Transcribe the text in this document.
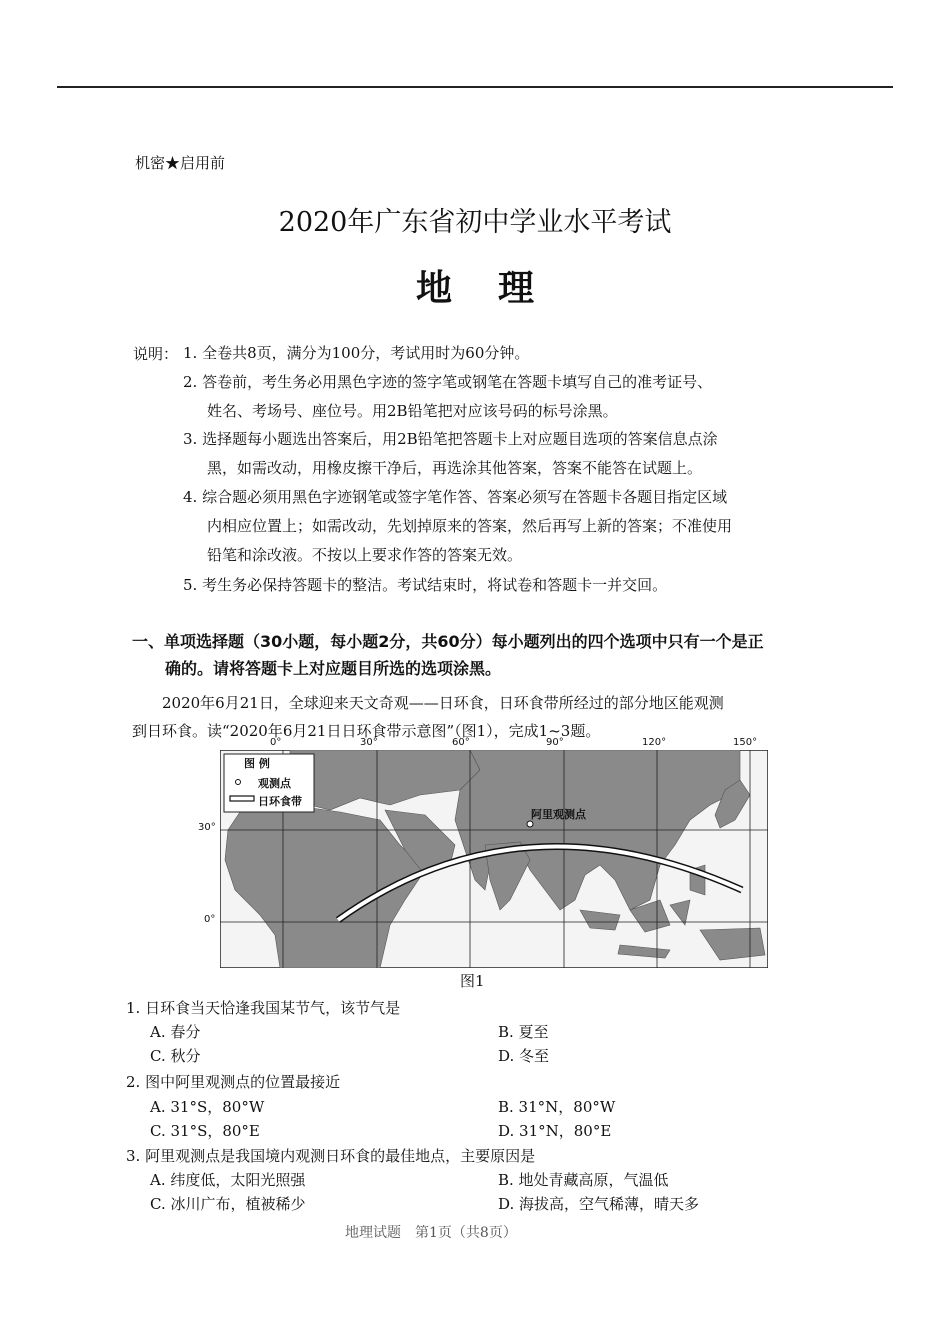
机密★启用前
2020年广东省初中学业水平考试
地理
说明： 1. 全卷共8页，满分为100分，考试用时为60分钟。
2. 答卷前，考生务必用黑色字迹的签字笔或钢笔在答题卡填写自己的准考证号、
姓名、考场号、座位号。用2B铅笔把对应该号码的标号涂黑。
3. 选择题每小题选出答案后，用2B铅笔把答题卡上对应题目选项的答案信息点涂
黑，如需改动，用橡皮擦干净后，再选涂其他答案，答案不能答在试题上。
4. 综合题必须用黑色字迹钢笔或签字笔作答、答案必须写在答题卡各题目指定区域
内相应位置上；如需改动，先划掉原来的答案，然后再写上新的答案；不准使用
铅笔和涂改液。不按以上要求作答的答案无效。
5. 考生务必保持答题卡的整洁。考试结束时，将试卷和答题卡一并交回。
一、单项选择题（30小题，每小题2分，共60分）每小题列出的四个选项中只有一个是正
确的。请将答题卡上对应题目所选的选项涂黑。
2020年6月21日，全球迎来天文奇观——日环食，日环食带所经过的部分地区能观测
到日环食。读“2020年6月21日日环食带示意图”（图1），完成1~3题。
0°	30°	60°	90°	120°	150°
30°
0°
图 例
观测点
日环食带
阿里观测点
图1
1. 日环食当天恰逢我国某节气，该节气是
A. 春分	B. 夏至
C. 秋分	D. 冬至
2. 图中阿里观测点的位置最接近
A. 31°S，80°W	B. 31°N，80°W
C. 31°S，80°E	D. 31°N，80°E
3. 阿里观测点是我国境内观测日环食的最佳地点，主要原因是
A. 纬度低，太阳光照强	B. 地处青藏高原，气温低
C. 冰川广布，植被稀少	D. 海拔高，空气稀薄，晴天多
地理试题　第1页（共8页）
